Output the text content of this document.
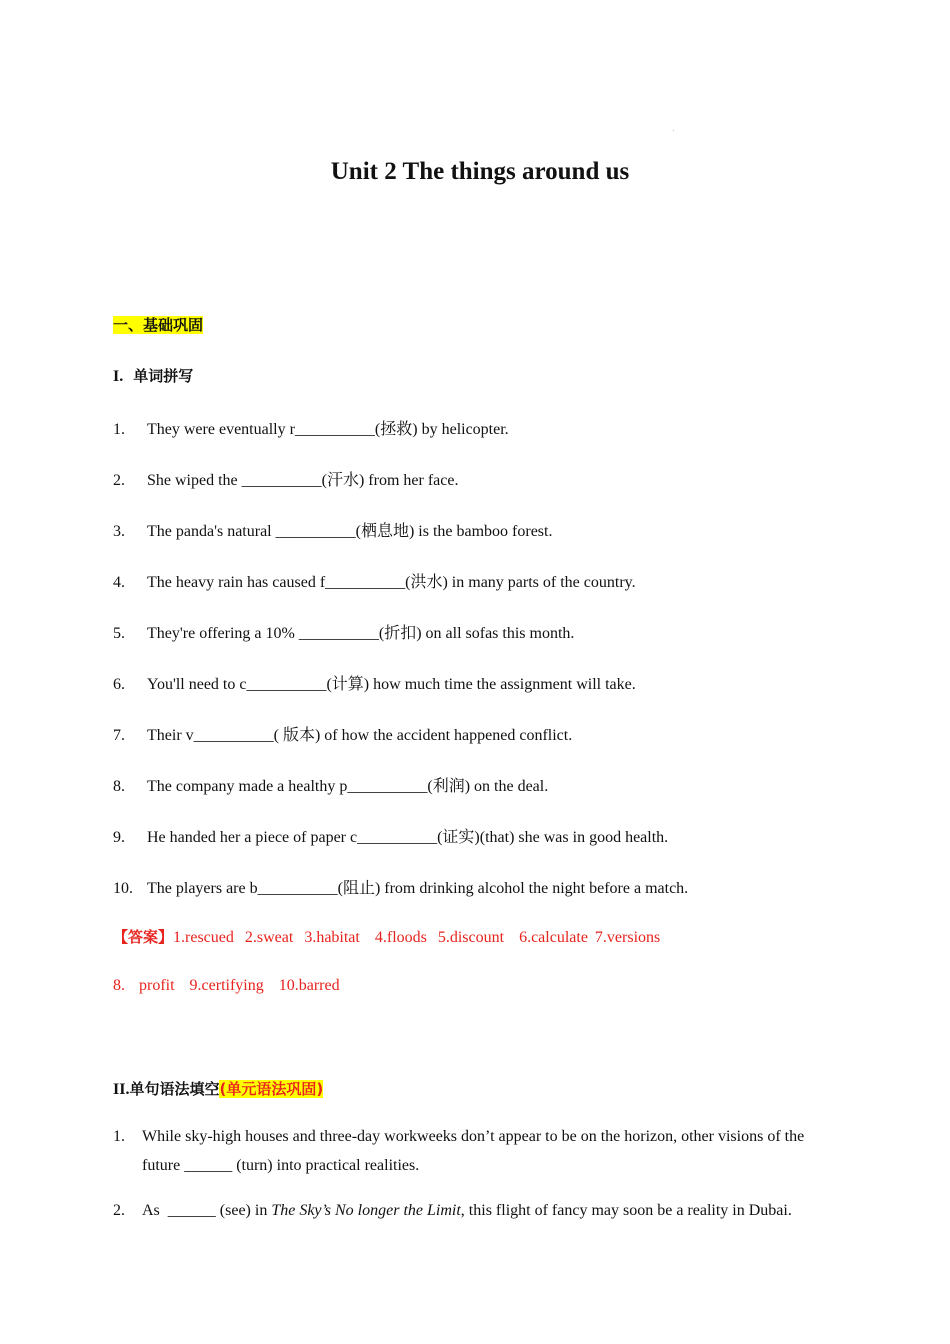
Unit 2 The things around us
一、基础巩固
I. 单词拼写
1. They were eventually r__________(拯救) by helicopter.
2. She wiped the __________(汗水) from her face.
3. The panda's natural __________(栖息地) is the bamboo forest.
4. The heavy rain has caused f__________(洪水) in many parts of the country.
5. They're offering a 10% __________(折扣) on all sofas this month.
6. You'll need to c__________(计算) how much time the assignment will take.
7. Their v__________( 版本) of how the accident happened conflict.
8. The company made a healthy p__________(利润) on the deal.
9. He handed her a piece of paper c__________(证实)(that) she was in good health.
10. The players are b__________(阻止) from drinking alcohol the night before a match.
【答案】1.rescued 2.sweat 3.habitat 4.floods 5.discount 6.calculate 7.versions
8. profit 9.certifying 10.barred
II.单句语法填空(单元语法巩固)
1. While sky-high houses and three-day workweeks don’t appear to be on the horizon, other visions of the future ______ (turn) into practical realities.
2. As  ______ (see) in The Sky’s No longer the Limit, this flight of fancy may soon be a reality in Dubai.
